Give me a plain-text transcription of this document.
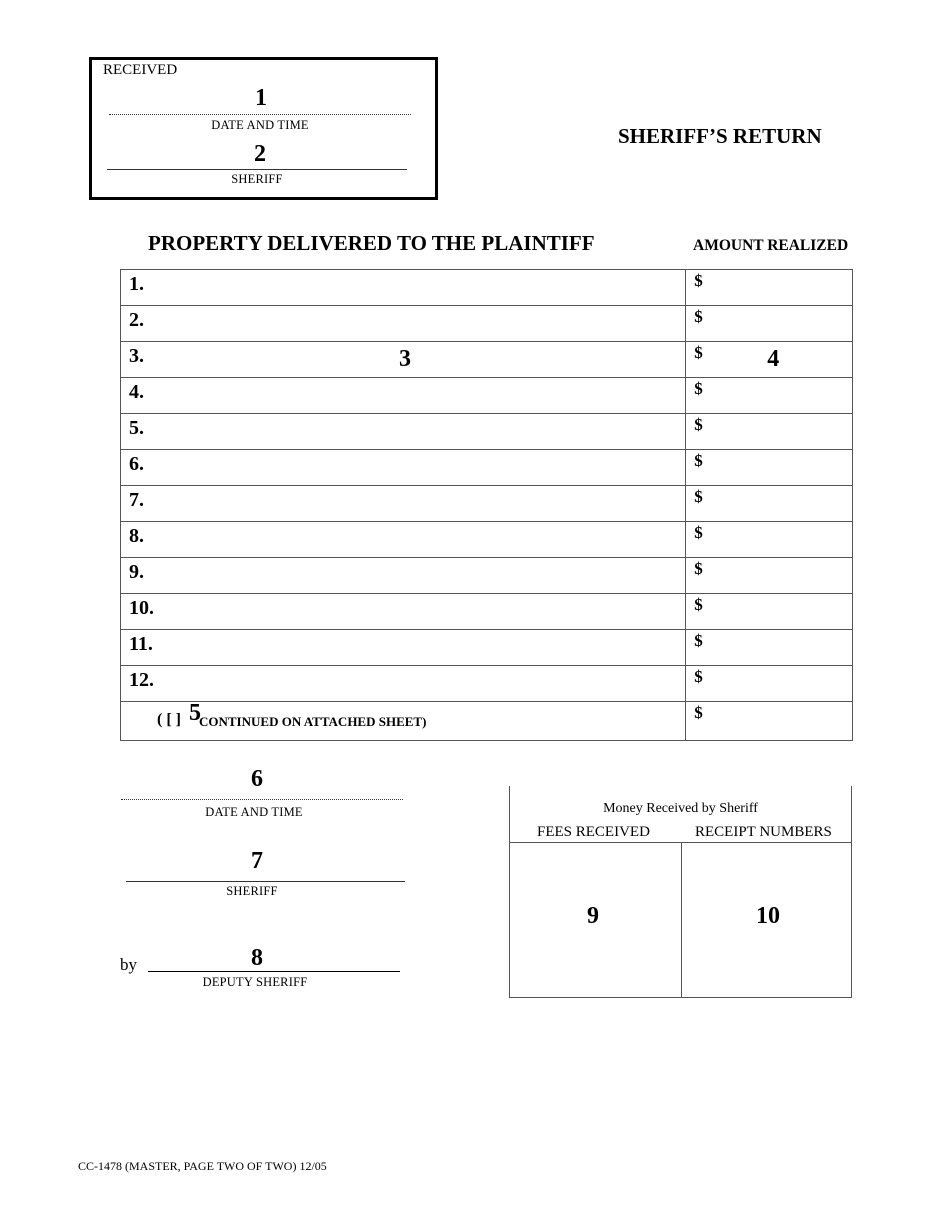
RECEIVED
1
DATE AND TIME
2
SHERIFF
SHERIFF’S RETURN
PROPERTY DELIVERED TO THE PLAINTIFF	AMOUNT REALIZED
1.	$

2.	$

3. 3	$ 4

4.	$

5.	$

6.	$

7.	$

8.	$

9.	$

10.	$

11.	$

12.	$

( [ ] 5
CONTINUED ON ATTACHED SHEET)	$
6
DATE AND TIME
7
SHERIFF
by	8
DEPUTY SHERIFF
Money Received by Sheriff
FEES RECEIVED	RECEIPT NUMBERS
9	10
CC-1478 (MASTER, PAGE TWO OF TWO) 12/05
